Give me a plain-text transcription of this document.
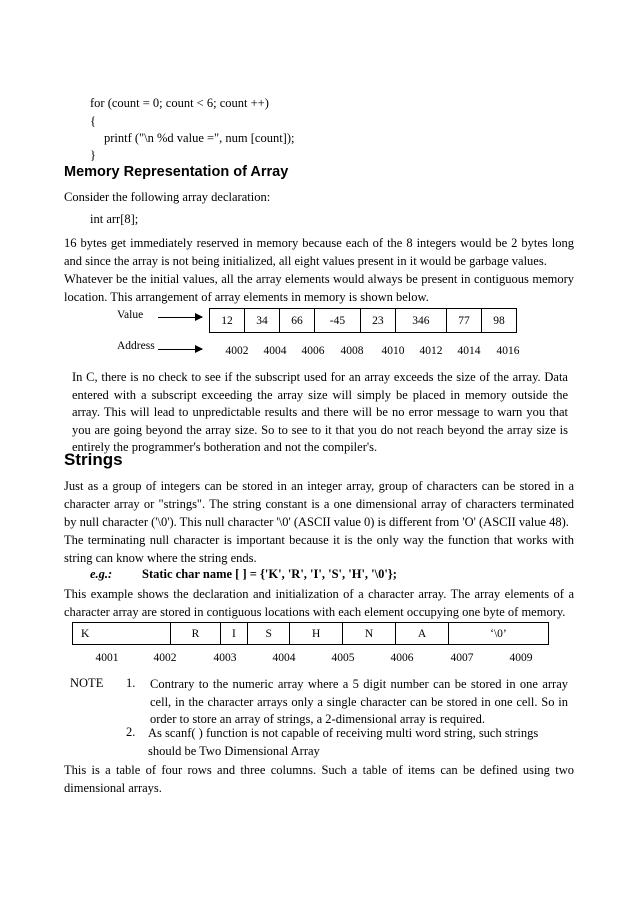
for (count = 0; count < 6; count ++)
{
printf ("\n %d value =", num [count]);
}
Memory Representation of Array
Consider the following array declaration:
int arr[8];
16 bytes get immediately reserved in memory because each of the 8 integers would be 2 bytes long and since the array is not being initialized, all eight values present in it would be garbage values.
Whatever be the initial values, all the array elements would always be present in contiguous memory location. This arrangement of array elements in memory is shown below.
Value	12	34	66	-45	23	346	77	98
Address	4002	4004	4006	4008	4010	4012	4014	4016
In C, there is no check to see if the subscript used for an array exceeds the size of the array. Data entered with a subscript exceeding the array size will simply be placed in memory outside the array. This will lead to unpredictable results and there will be no error message to warn you that you are going beyond the array size. So to see to it that you do not reach beyond the array size is entirely the programmer's botheration and not the compiler's.
Strings
Just as a group of integers can be stored in an integer array, group of characters can be stored in a character array or "strings". The string constant is a one dimensional array of characters terminated by null character ('\0'). This null character '\0' (ASCII value 0) is different from 'O' (ASCII value 48).
The terminating null character is important because it is the only way the function that works with string can know where the string ends.
e.g.: Static char name [ ] = {'K', 'R', 'I', 'S', 'H', '\0'};
This example shows the declaration and initialization of a character array. The array elements of a character array are stored in contiguous locations with each element occupying one byte of memory.
K	R	I	S	H	N	A	‘\0’
4001	4002	4003	4004	4005	4006	4007	4009
NOTE 1. Contrary to the numeric array where a 5 digit number can be stored in one array cell, in the character arrays only a single character can be stored in one cell. So in order to store an array of strings, a 2-dimensional array is required.
2. As scanf( ) function is not capable of receiving multi word string, such strings should be Two Dimensional Array
This is a table of four rows and three columns. Such a table of items can be defined using two dimensional arrays.
